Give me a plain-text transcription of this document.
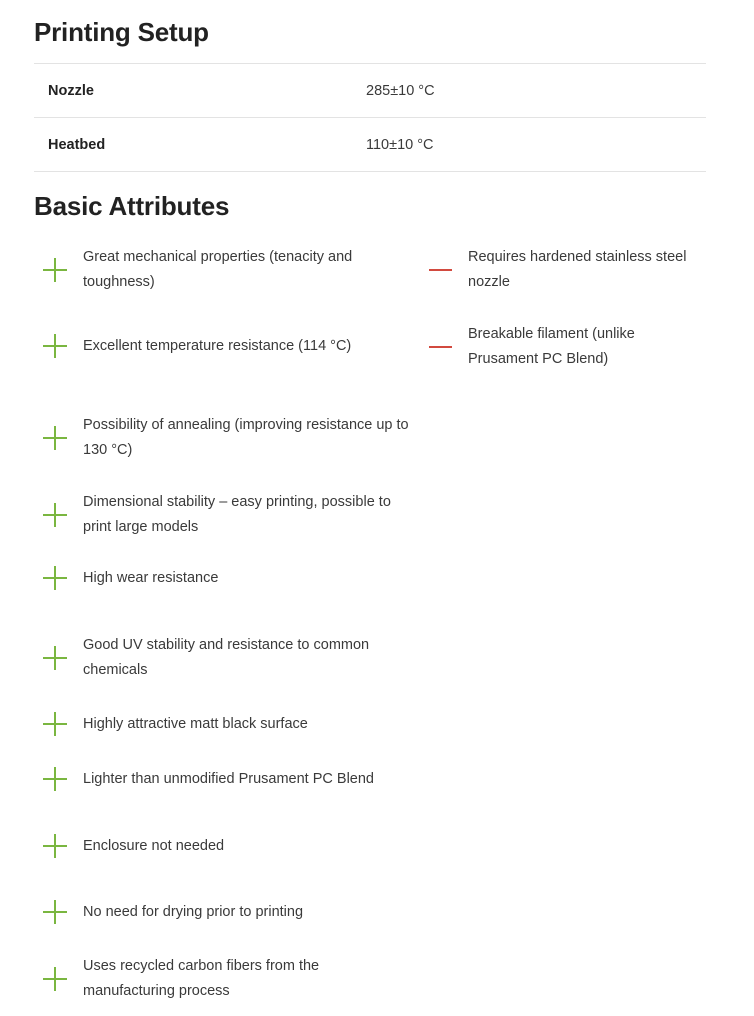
Printing Setup
Nozzle	285±10 °C
Heatbed	110±10 °C
Basic Attributes
Great mechanical properties (tenacity and toughness)
Excellent temperature resistance (114 °C)
Possibility of annealing (improving resistance up to 130 °C)
Dimensional stability – easy printing, possible to print large models
High wear resistance
Good UV stability and resistance to common chemicals
Highly attractive matt black surface
Lighter than unmodified Prusament PC Blend
Enclosure not needed
No need for drying prior to printing
Uses recycled carbon fibers from the manufacturing process
Requires hardened stainless steel nozzle
Breakable filament (unlike Prusament PC Blend)
